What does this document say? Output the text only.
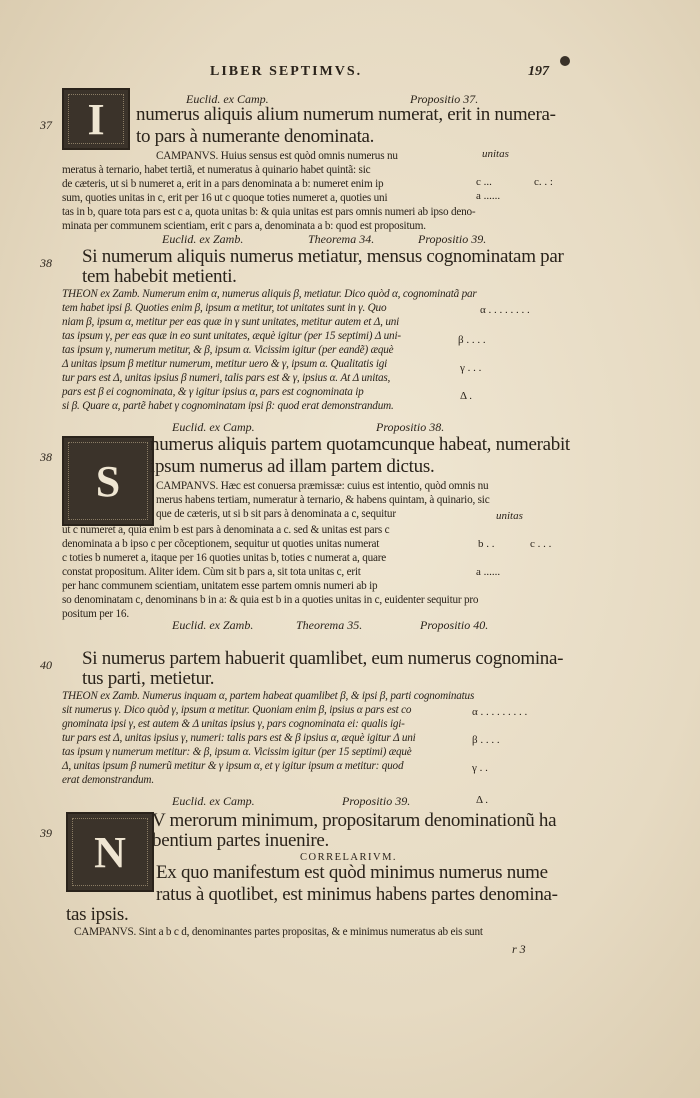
LIBER SEPTIMVS.	197
Euclid. ex Camp.	Propositio 37.
37 I numerus aliquis alium numerum numerat, erit in numera-
to pars à numerante denominata.
CAMPANVS. Huius sensus est quòd omnis numerus nu
meratus à ternario, habet tertiã, et numeratus à quinario habet quintã: sic
de cæteris, ut si b numeret a, erit in a pars denominata a b: numeret enim ip
sum, quoties unitas in c, erit per 16 ut c quoque toties numeret a, quoties uni
tas in b, quare tota pars est c a, quota unitas b: & quia unitas est pars omnis numeri ab ipso deno-
minata per communem scientiam, erit c pars a, denominata a b: quod est propositum.
unitas
c ...	c. . :
a ......
Euclid. ex Zamb.	Theorema 34.	Propositio 39.
38 Si numerum aliquis numerus metiatur, mensus cognominatam par
tem habebit metienti.
THEON ex Zamb. Numerum enim α, numerus aliquis β, metiatur. Dico quòd α, cognominatã par
tem habet ipsi β. Quoties enim β, ipsum α metitur, tot unitates sunt in γ. Quo
niam β, ipsum α, metitur per eas quæ in γ sunt unitates, metitur autem et Δ, uni
tas ipsum γ, per eas quæ in eo sunt unitates, æquè igitur (per 15 septimi) Δ uni-
tas ipsum γ, numerum metitur, & β, ipsum α. Vicissim igitur (per eandẽ) æquè
Δ unitas ipsum β metitur numerum, metitur uero & γ, ipsum α. Qualitatis igi
tur pars est Δ, unitas ipsius β numeri, talis pars est & γ, ipsius α. At Δ unitas,
pars est β ei cognominata, & γ igitur ipsius α, pars est cognominata ip
si β. Quare α, partẽ habet γ cognominatam ipsi β: quod erat demonstrandum.
α . . . . . . . .
β . . . .
γ . . .
Δ .
Euclid. ex Camp.	Propositio 38.
38 S
numerus aliquis partem quotamcunque habeat, numerabit
ipsum numerus ad illam partem dictus.
CAMPANVS. Hæc est conuersa præmissæ: cuius est intentio, quòd omnis nu
merus habens tertiam, numeratur à ternario, & habens quintam, à quinario, sic
que de cæteris, ut si b sit pars à denominata a c, sequitur
ut c numeret a, quia enim b est pars à denominata a c. sed & unitas est pars c
denominata a b ipso c per cõceptionem, sequitur ut quoties unitas numerat
c toties b numeret a, itaque per 16 quoties unitas b, toties c numerat a, quare
constat propositum. Aliter idem. Cùm sit b pars a, sit tota unitas c, erit
per hanc communem scientiam, unitatem esse partem omnis numeri ab ip
so denominatam c, denominans b in a: & quia est b in a quoties unitas in c, euidenter sequitur pro
positum per 16.
unitas
b . .	c . . .
a ......
Euclid. ex Zamb.	Theorema 35.	Propositio 40.
40 Si numerus partem habuerit quamlibet, eum numerus cognomina-
tus parti, metietur.
THEON ex Zamb. Numerus inquam α, partem habeat quamlibet β, & ipsi β, parti cognominatus
sit numerus γ. Dico quòd γ, ipsum α metitur. Quoniam enim β, ipsius α pars est co
gnominata ipsi γ, est autem & Δ unitas ipsius γ, pars cognominata ei: qualis igi-
tur pars est Δ, unitas ipsius γ, numeri: talis pars est & β ipsius α, æquè igitur Δ uni
tas ipsum γ numerum metitur: & β, ipsum α. Vicissim igitur (per 15 septimi) æquè
Δ, unitas ipsum β numerũ metitur & γ ipsum α, et γ igitur ipsum α metitur: quod
erat demonstrandum.
α . . . . . . . . .
β . . . .
γ . .
Δ .
Euclid. ex Camp.	Propositio 39.
39 N
V merorum minimum, propositarum denominationũ ha
bentium partes inuenire.
CORRELARIVM.
Ex quo manifestum est quòd minimus numerus nume
ratus à quotlibet, est minimus habens partes denomina-
tas ipsis.
CAMPANVS. Sint a b c d, denominantes partes propositas, & e minimus numeratus ab eis sunt
r 3
